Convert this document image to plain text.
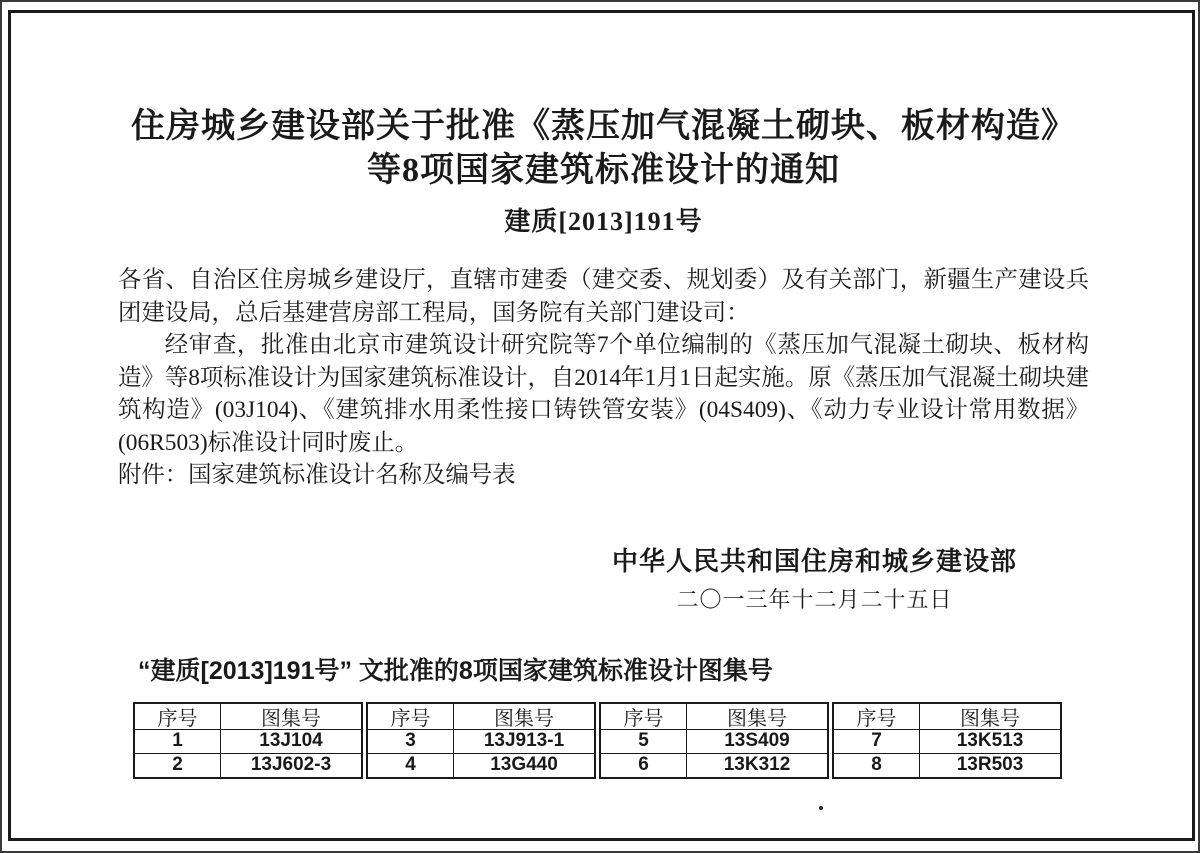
住房城乡建设部关于批准《蒸压加气混凝土砌块、板材构造》
等8项国家建筑标准设计的通知
建质[2013]191号

各省、自治区住房城乡建设厅，直辖市建委（建交委、规划委）及有关部门，新疆生产建设兵团建设局，总后基建营房部工程局，国务院有关部门建设司：

经审查，批准由北京市建筑设计研究院等7个单位编制的《蒸压加气混凝土砌块、板材构造》等8项标准设计为国家建筑标准设计，自2014年1月1日起实施。原《蒸压加气混凝土砌块建筑构造》(03J104)、《建筑排水用柔性接口铸铁管安装》(04S409)、《动力专业设计常用数据》(06R503)标准设计同时废止。

附件：国家建筑标准设计名称及编号表

中华人民共和国住房和城乡建设部
二〇一三年十二月二十五日
“建质[2013]191号” 文批准的8项国家建筑标准设计图集号
序号	图集号
1	13J104
2	13J602-3
序号	图集号
3	13J913-1
4	13G440
序号	图集号
5	13S409
6	13K312
序号	图集号
7	13K513
8	13R503
